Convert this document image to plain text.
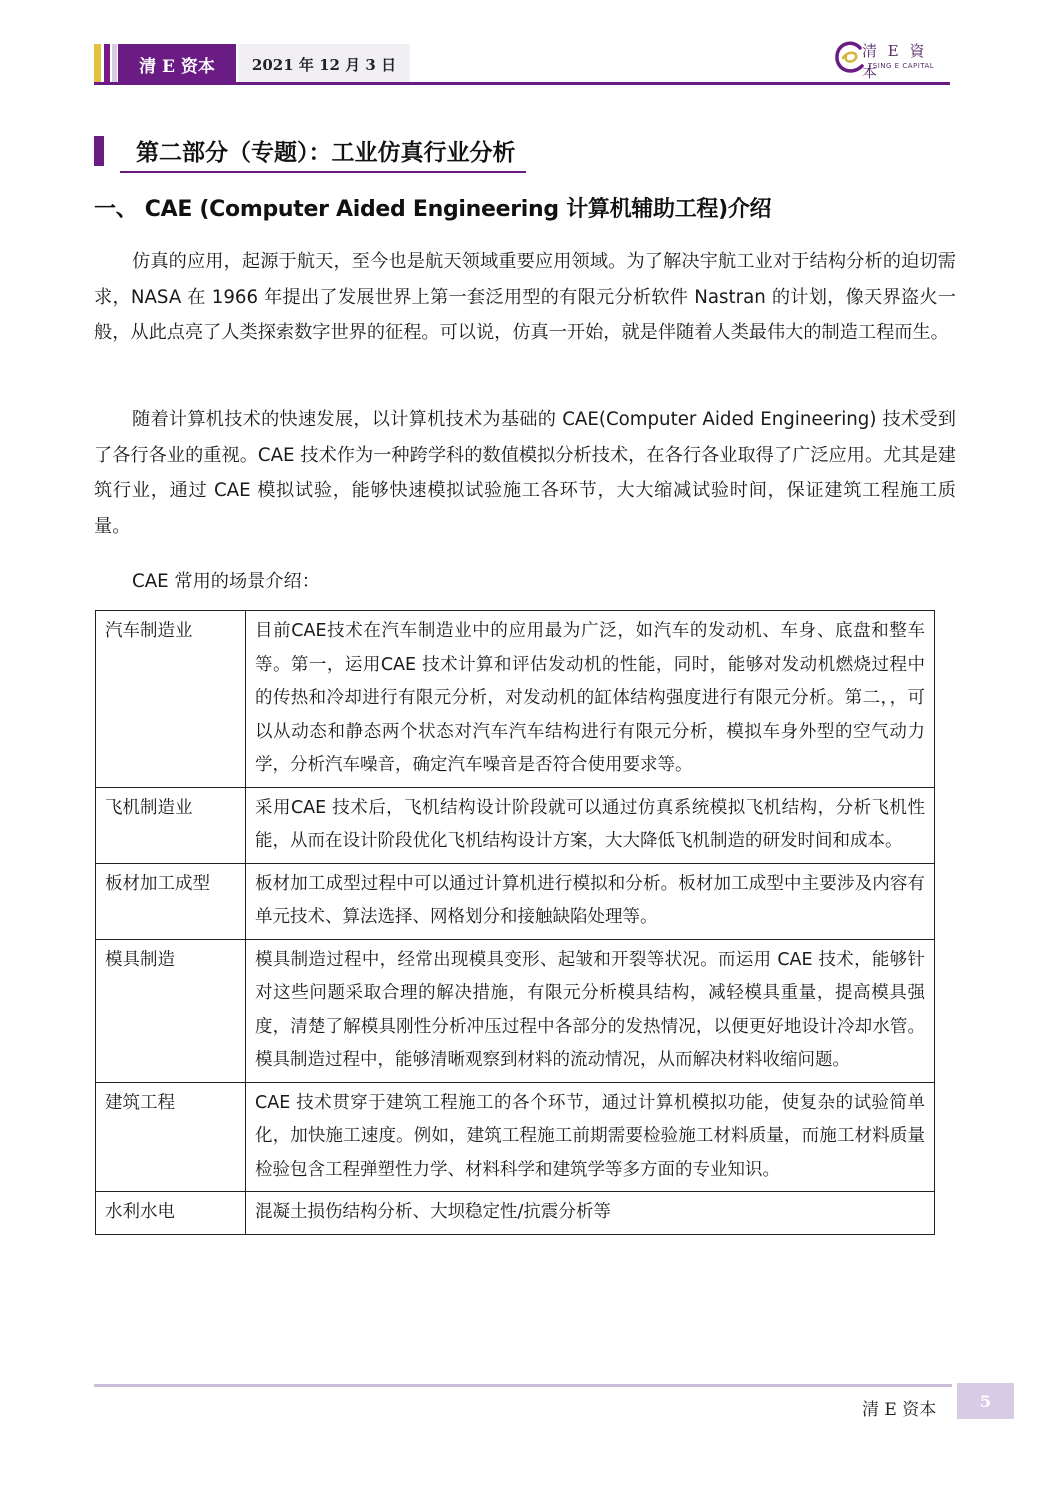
清 E 资本	2021 年 12 月 3 日
清 E 資 本
TSING E CAPITAL
第二部分（专题）：工业仿真行业分析
一、 CAE (Computer Aided Engineering 计算机辅助工程)介绍

仿真的应用，起源于航天，至今也是航天领域重要应用领域。为了解决宇航工业对于结构分析的迫切需求，NASA 在 1966 年提出了发展世界上第一套泛用型的有限元分析软件 Nastran 的计划，像天界盗火一般，从此点亮了人类探索数字世界的征程。可以说，仿真一开始，就是伴随着人类最伟大的制造工程而生。

随着计算机技术的快速发展，以计算机技术为基础的 CAE(Computer Aided Engineering) 技术受到了各行各业的重视。CAE 技术作为一种跨学科的数值模拟分析技术，在各行各业取得了广泛应用。尤其是建筑行业，通过 CAE 模拟试验，能够快速模拟试验施工各环节，大大缩减试验时间，保证建筑工程施工质量。

CAE 常用的场景介绍：

汽车制造业	目前CAE技术在汽车制造业中的应用最为广泛，如汽车的发动机、车身、底盘和整车等。第一，运用CAE 技术计算和评估发动机的性能，同时，能够对发动机燃烧过程中的传热和冷却进行有限元分析，对发动机的缸体结构强度进行有限元分析。第二，，可以从动态和静态两个状态对汽车汽车结构进行有限元分析，模拟车身外型的空气动力学，分析汽车噪音，确定汽车噪音是否符合使用要求等。
飞机制造业	采用CAE 技术后，飞机结构设计阶段就可以通过仿真系统模拟飞机结构，分析飞机性能，从而在设计阶段优化飞机结构设计方案，大大降低飞机制造的研发时间和成本。
板材加工成型	板材加工成型过程中可以通过计算机进行模拟和分析。板材加工成型中主要涉及内容有单元技术、算法选择、网格划分和接触缺陷处理等。
模具制造	模具制造过程中，经常出现模具变形、起皱和开裂等状况。而运用 CAE 技术，能够针对这些问题采取合理的解决措施，有限元分析模具结构，减轻模具重量，提高模具强度，清楚了解模具刚性分析冲压过程中各部分的发热情况，以便更好地设计冷却水管。模具制造过程中，能够清晰观察到材料的流动情况，从而解决材料收缩问题。
建筑工程	CAE 技术贯穿于建筑工程施工的各个环节，通过计算机模拟功能，使复杂的试验简单化，加快施工速度。例如，建筑工程施工前期需要检验施工材料质量，而施工材料质量检验包含工程弹塑性力学、材料科学和建筑学等多方面的专业知识。
水利水电	混凝土损伤结构分析、大坝稳定性/抗震分析等
清 E 资本	5
